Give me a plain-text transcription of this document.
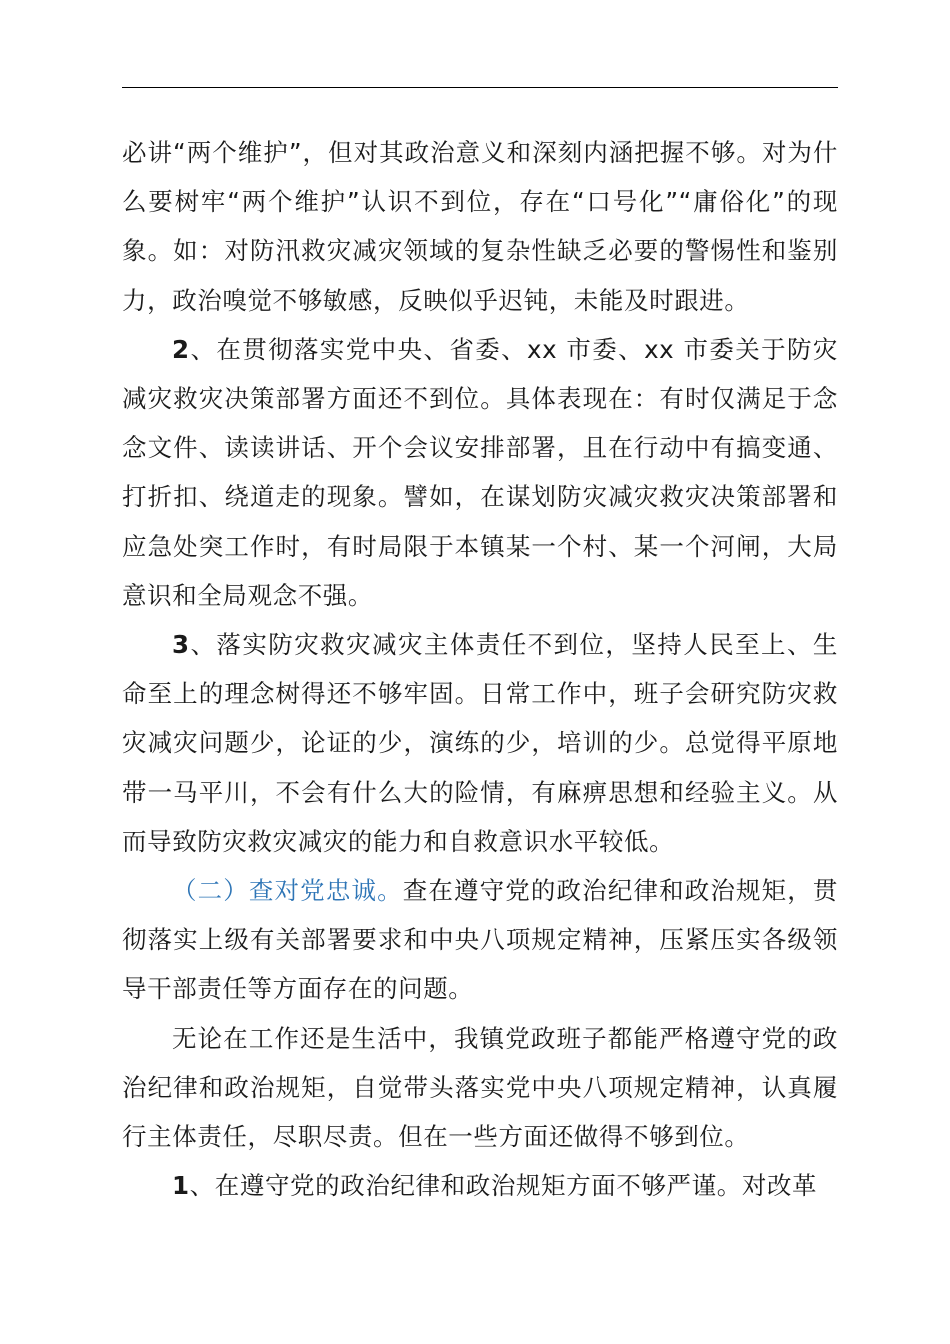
必讲“两个维护”，但对其政治意义和深刻内涵把握不够。对为什么要树牢“两个维护”认识不到位，存在“口号化”“庸俗化”的现象。如：对防汛救灾减灾领域的复杂性缺乏必要的警惕性和鉴别力，政治嗅觉不够敏感，反映似乎迟钝，未能及时跟进。

2、在贯彻落实党中央、省委、xx 市委、xx 市委关于防灾减灾救灾决策部署方面还不到位。具体表现在：有时仅满足于念念文件、读读讲话、开个会议安排部署，且在行动中有搞变通、打折扣、绕道走的现象。譬如，在谋划防灾减灾救灾决策部署和应急处突工作时，有时局限于本镇某一个村、某一个河闸，大局意识和全局观念不强。

3、落实防灾救灾减灾主体责任不到位，坚持人民至上、生命至上的理念树得还不够牢固。日常工作中，班子会研究防灾救灾减灾问题少，论证的少，演练的少，培训的少。总觉得平原地带一马平川，不会有什么大的险情，有麻痹思想和经验主义。从而导致防灾救灾减灾的能力和自救意识水平较低。

（二）查对党忠诚。查在遵守党的政治纪律和政治规矩，贯彻落实上级有关部署要求和中央八项规定精神，压紧压实各级领导干部责任等方面存在的问题。

无论在工作还是生活中，我镇党政班子都能严格遵守党的政治纪律和政治规矩，自觉带头落实党中央八项规定精神，认真履行主体责任，尽职尽责。但在一些方面还做得不够到位。

1、在遵守党的政治纪律和政治规矩方面不够严谨。对改革
